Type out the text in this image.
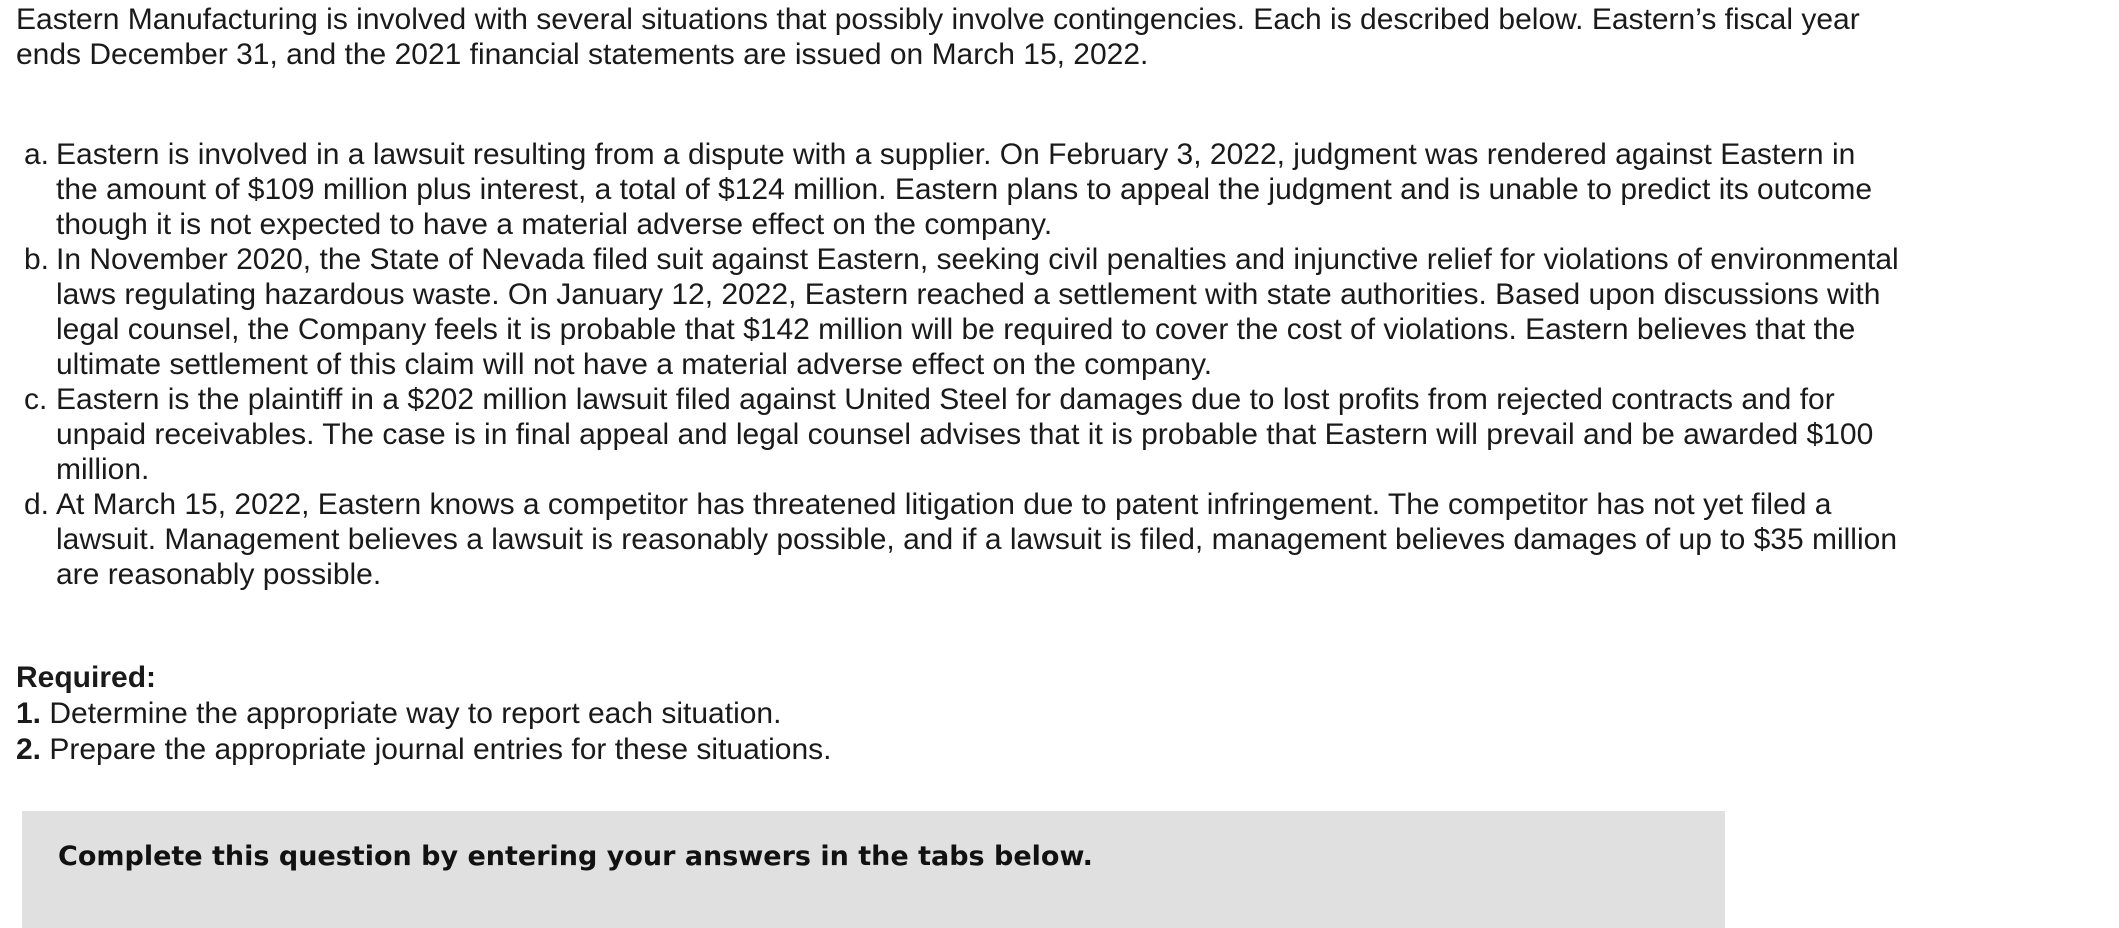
Eastern Manufacturing is involved with several situations that possibly involve contingencies. Each is described below. Eastern’s fiscal year ends December 31, and the 2021 financial statements are issued on March 15, 2022.

a. Eastern is involved in a lawsuit resulting from a dispute with a supplier. On February 3, 2022, judgment was rendered against Eastern in the amount of $109 million plus interest, a total of $124 million. Eastern plans to appeal the judgment and is unable to predict its outcome though it is not expected to have a material adverse effect on the company.
b. In November 2020, the State of Nevada filed suit against Eastern, seeking civil penalties and injunctive relief for violations of environmental laws regulating hazardous waste. On January 12, 2022, Eastern reached a settlement with state authorities. Based upon discussions with legal counsel, the Company feels it is probable that $142 million will be required to cover the cost of violations. Eastern believes that the ultimate settlement of this claim will not have a material adverse effect on the company.
c. Eastern is the plaintiff in a $202 million lawsuit filed against United Steel for damages due to lost profits from rejected contracts and for unpaid receivables. The case is in final appeal and legal counsel advises that it is probable that Eastern will prevail and be awarded $100 million.
d. At March 15, 2022, Eastern knows a competitor has threatened litigation due to patent infringement. The competitor has not yet filed a lawsuit. Management believes a lawsuit is reasonably possible, and if a lawsuit is filed, management believes damages of up to $35 million are reasonably possible.
Required:
1. Determine the appropriate way to report each situation.
2. Prepare the appropriate journal entries for these situations.
Complete this question by entering your answers in the tabs below.
